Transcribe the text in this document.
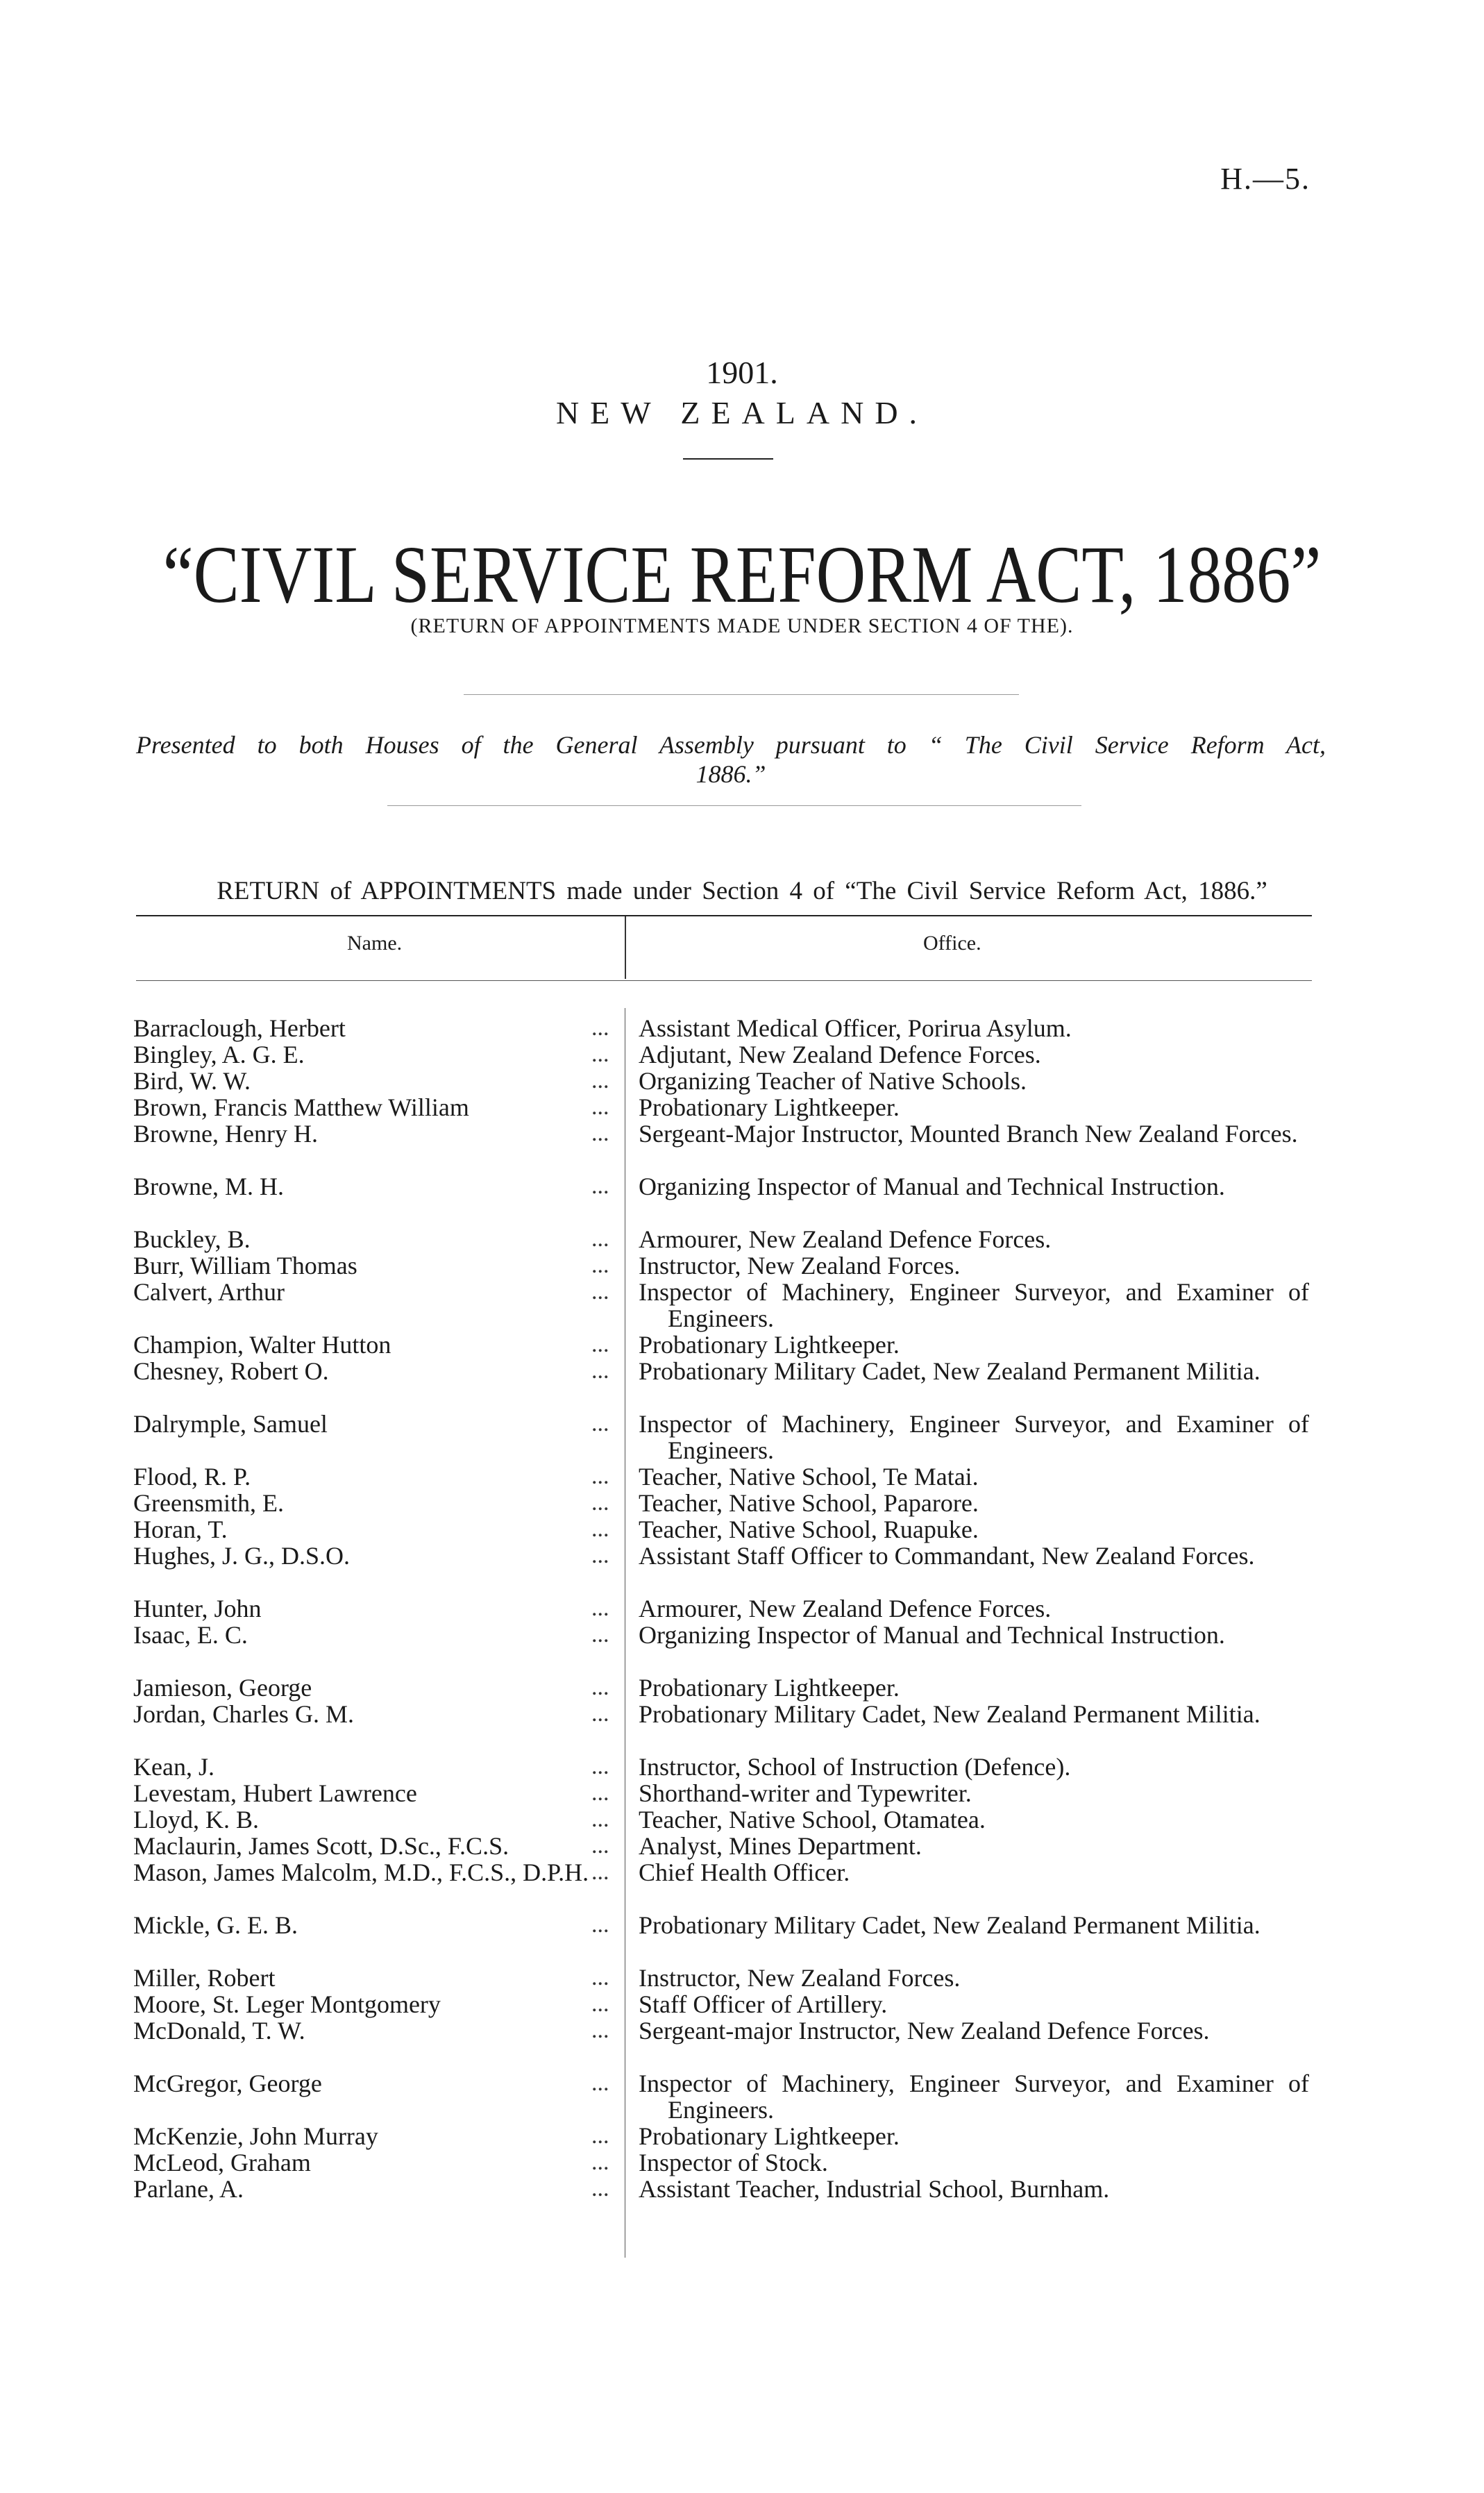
H.—5.
1901.
NEW ZEALAND.
“CIVIL SERVICE REFORM ACT, 1886”
(RETURN OF APPOINTMENTS MADE UNDER SECTION 4 OF THE).
Presented to both Houses of the General Assembly pursuant to “ The Civil Service Reform Act, 1886.”
RETURN of APPOINTMENTS made under Section 4 of “The Civil Service Reform Act, 1886.”
Name.	Office.
Barraclough, Herbert	... Assistant Medical Officer, Porirua Asylum.
Bingley, A. G. E.	... Adjutant, New Zealand Defence Forces.
Bird, W. W.	... Organizing Teacher of Native Schools.
Brown, Francis Matthew William	... Probationary Lightkeeper.
Browne, Henry H.	... Sergeant-Major Instructor, Mounted Branch New Zealand Forces.
Browne, M. H.	... Organizing Inspector of Manual and Technical Instruction.
Buckley, B.	... Armourer, New Zealand Defence Forces.
Burr, William Thomas	... Instructor, New Zealand Forces.
Calvert, Arthur	... Inspector of Machinery, Engineer Surveyor, and Examiner of Engineers.
Champion, Walter Hutton	... Probationary Lightkeeper.
Chesney, Robert O.	... Probationary Military Cadet, New Zealand Permanent Militia.
Dalrymple, Samuel	... Inspector of Machinery, Engineer Surveyor, and Examiner of Engineers.
Flood, R. P.	... Teacher, Native School, Te Matai.
Greensmith, E.	... Teacher, Native School, Paparore.
Horan, T.	... Teacher, Native School, Ruapuke.
Hughes, J. G., D.S.O.	... Assistant Staff Officer to Commandant, New Zealand Forces.
Hunter, John	... Armourer, New Zealand Defence Forces.
Isaac, E. C.	... Organizing Inspector of Manual and Technical Instruction.
Jamieson, George	... Probationary Lightkeeper.
Jordan, Charles G. M.	... Probationary Military Cadet, New Zealand Permanent Militia.
Kean, J.	... Instructor, School of Instruction (Defence).
Levestam, Hubert Lawrence	... Shorthand-writer and Typewriter.
Lloyd, K. B.	... Teacher, Native School, Otamatea.
Maclaurin, James Scott, D.Sc., F.C.S.	... Analyst, Mines Department.
Mason, James Malcolm, M.D., F.C.S., D.P.H. ... Chief Health Officer.
Mickle, G. E. B.	... Probationary Military Cadet, New Zealand Permanent Militia.
Miller, Robert	... Instructor, New Zealand Forces.
Moore, St. Leger Montgomery	... Staff Officer of Artillery.
McDonald, T. W.	... Sergeant-major Instructor, New Zealand Defence Forces.
McGregor, George	... Inspector of Machinery, Engineer Surveyor, and Examiner of Engineers.
McKenzie, John Murray	... Probationary Lightkeeper.
McLeod, Graham	... Inspector of Stock.
Parlane, A.	... Assistant Teacher, Industrial School, Burnham.
